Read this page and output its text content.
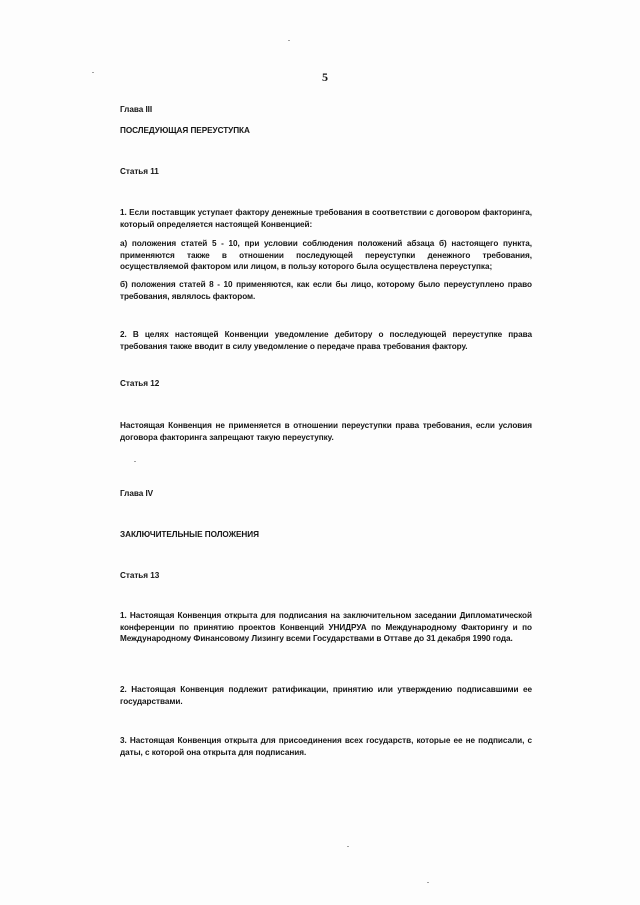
5
Глава III
ПОСЛЕДУЮЩАЯ ПЕРЕУСТУПКА
Статья 11
1. Если поставщик уступает фактору денежные требования в соответствии с договором факторинга, который определяется настоящей Конвенцией:
а) положения статей 5 - 10, при условии соблюдения положений абзаца б) настоящего пункта, применяются также в отношении последующей переуступки денежного требования, осуществляемой фактором или лицом, в пользу которого была осуществлена переуступка;
б) положения статей 8 - 10 применяются, как если бы лицо, которому было переуступлено право требования, являлось фактором.
2. В целях настоящей Конвенции уведомление дебитору о последующей переуступке права требования также вводит в силу уведомление о передаче права требования фактору.
Статья 12
Настоящая Конвенция не применяется в отношении переуступки права требования, если условия договора факторинга запрещают такую переуступку.
Глава IV
ЗАКЛЮЧИТЕЛЬНЫЕ ПОЛОЖЕНИЯ
Статья 13
1. Настоящая Конвенция открыта для подписания на заключительном заседании Дипломатической конференции по принятию проектов Конвенций УНИДРУА по Международному Факторингу и по Международному Финансовому Лизингу всеми Государствами в Оттаве до 31 декабря 1990 года.
2. Настоящая Конвенция подлежит ратификации, принятию или утверждению подписавшими ее государствами.
3. Настоящая Конвенция открыта для присоединения всех государств, которые ее не подписали, с даты, с которой она открыта для подписания.
